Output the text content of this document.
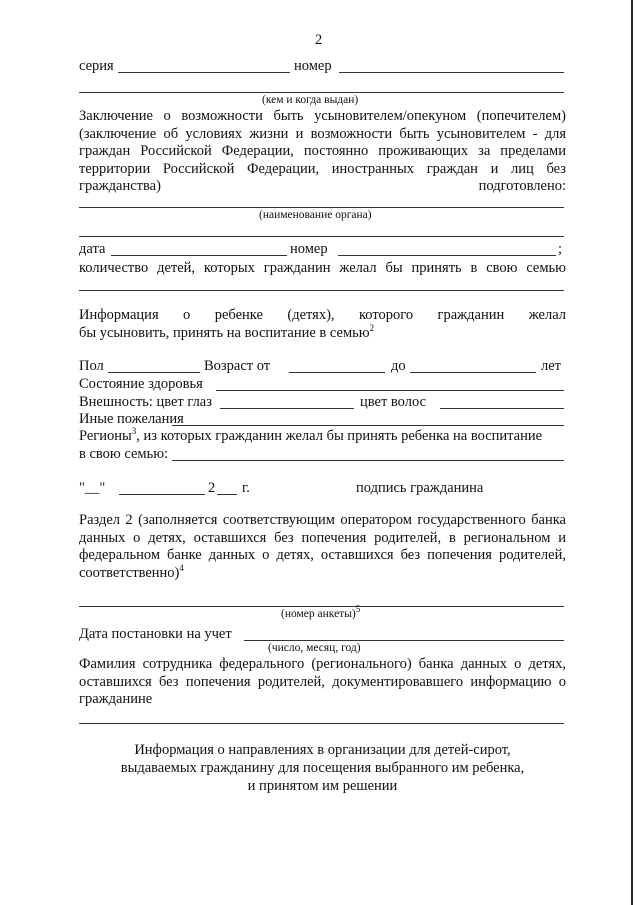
2
серия	номер
(кем и когда выдан)
Заключение о возможности быть усыновителем/опекуном (попечителем) (заключение об условиях жизни и возможности быть усыновителем - для граждан Российской Федерации, постоянно проживающих за пределами территории Российской Федерации, иностранных граждан и лиц без гражданства) подготовлено:
(наименование органа)
дата	номер	;
количество детей, которых гражданин желал бы принять в свою семью
Информация о ребенке (детях), которого гражданин желал
бы усыновить, принять на воспитание в семью$^2$
Пол	Возраст от	до	лет
Состояние здоровья
Внешность: цвет глаз	цвет волос
Иные пожелания
Регионы$^3$, из которых гражданин желал бы принять ребенка на воспитание
в свою семью:
"__"	2 г.	подпись гражданина
Раздел 2 (заполняется соответствующим оператором государственного банка данных о детях, оставшихся без попечения родителей, в региональном и федеральном банке данных о детях, оставшихся без попечения родителей, соответственно)$^4$
(номер анкеты)$^5$
Дата постановки на учет
(число, месяц, год)
Фамилия сотрудника федерального (регионального) банка данных о детях, оставшихся без попечения родителей, документировавшего информацию о гражданине
Информация о направлениях в организации для детей-сирот,
выдаваемых гражданину для посещения выбранного им ребенка,
и принятом им решении
